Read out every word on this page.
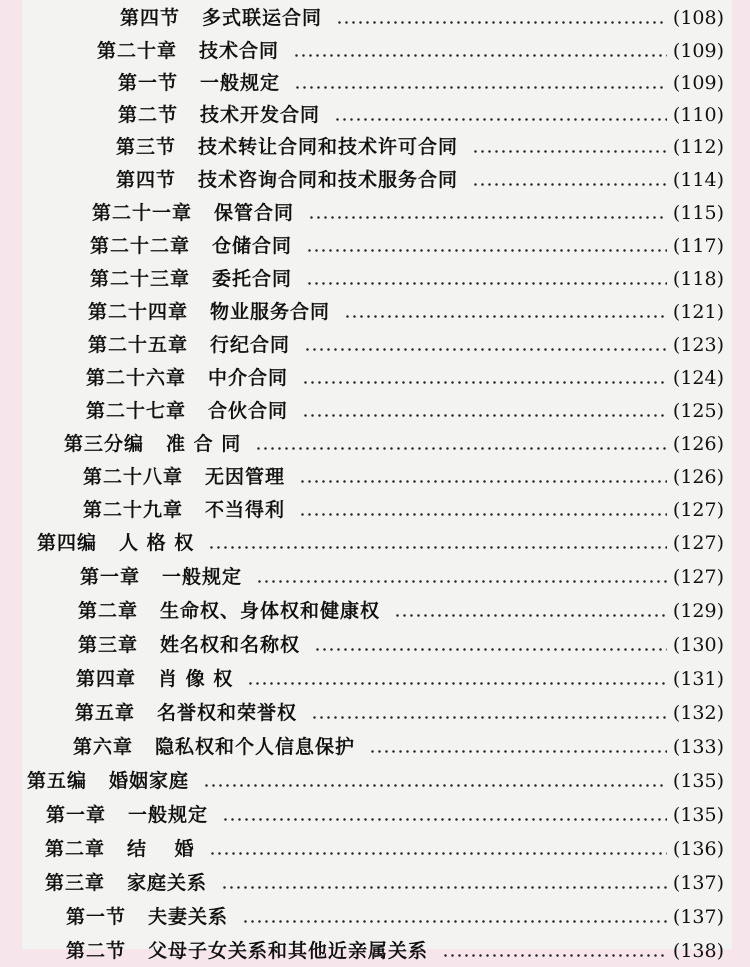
第四节 多式联运合同	(108)
第二十章 技术合同	(109)
第一节 一般规定	(109)
第二节 技术开发合同	(110)
第三节 技术转让合同和技术许可合同	(112)
第四节 技术咨询合同和技术服务合同	(114)
第二十一章 保管合同	(115)
第二十二章 仓储合同	(117)
第二十三章 委托合同	(118)
第二十四章 物业服务合同	(121)
第二十五章 行纪合同	(123)
第二十六章 中介合同	(124)
第二十七章 合伙合同	(125)
第三分编 准 合 同	(126)
第二十八章 无因管理	(126)
第二十九章 不当得利	(127)
第四编 人 格 权	(127)
第一章 一般规定	(127)
第二章 生命权、身体权和健康权	(129)
第三章 姓名权和名称权	(130)
第四章 肖 像 权	(131)
第五章 名誉权和荣誉权	(132)
第六章 隐私权和个人信息保护	(133)
第五编 婚姻家庭	(135)
第一章 一般规定	(135)
第二章 结　 婚	(136)
第三章 家庭关系	(137)
第一节 夫妻关系	(137)
第二节 父母子女关系和其他近亲属关系	(138)
